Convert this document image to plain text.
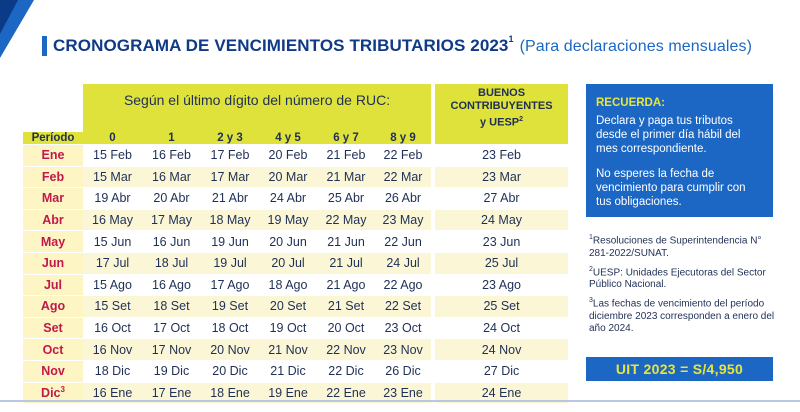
CRONOGRAMA DE VENCIMIENTOS TRIBUTARIOS 2023$^1$ (Para declaraciones mensuales)
	Según el último dígito del número de RUC:						BUENOS
CONTRIBUYENTES
y UESP$^2$

Período	0	1	2 y 3	4 y 5	6 y 7	8 y 9	
Ene	15 Feb	16 Feb	17 Feb	20 Feb	21 Feb	22 Feb	23 Feb
Feb	15 Mar	16 Mar	17 Mar	20 Mar	21 Mar	22 Mar	23 Mar
Mar	19 Abr	20 Abr	21 Abr	24 Abr	25 Abr	26 Abr	27 Abr
Abr	16 May	17 May	18 May	19 May	22 May	23 May	24 May
May	15 Jun	16 Jun	19 Jun	20 Jun	21 Jun	22 Jun	23 Jun
Jun	17 Jul	18 Jul	19 Jul	20 Jul	21 Jul	24 Jul	25 Jul
Jul	15 Ago	16 Ago	17 Ago	18 Ago	21 Ago	22 Ago	23 Ago
Ago	15 Set	18 Set	19 Set	20 Set	21 Set	22 Set	25 Set
Set	16 Oct	17 Oct	18 Oct	19 Oct	20 Oct	23 Oct	24 Oct
Oct	16 Nov	17 Nov	20 Nov	21 Nov	22 Nov	23 Nov	24 Nov
Nov	18 Dic	19 Dic	20 Dic	21 Dic	22 Dic	26 Dic	27 Dic
Dic$^3$	16 Ene	17 Ene	18 Ene	19 Ene	22 Ene	23 Ene	24 Ene
RECUERDA:

Declara y paga tus tributos desde el primer día hábil del mes correspondiente.

No esperes la fecha de vencimiento para cumplir con tus obligaciones.

$^1$Resoluciones de Superintendencia N° 281-2022/SUNAT.

$^2$UESP: Unidades Ejecutoras del Sector Público Nacional.

$^3$Las fechas de vencimiento del período diciembre 2023 corresponden a enero del año 2024.

UIT 2023 = S/4,950
